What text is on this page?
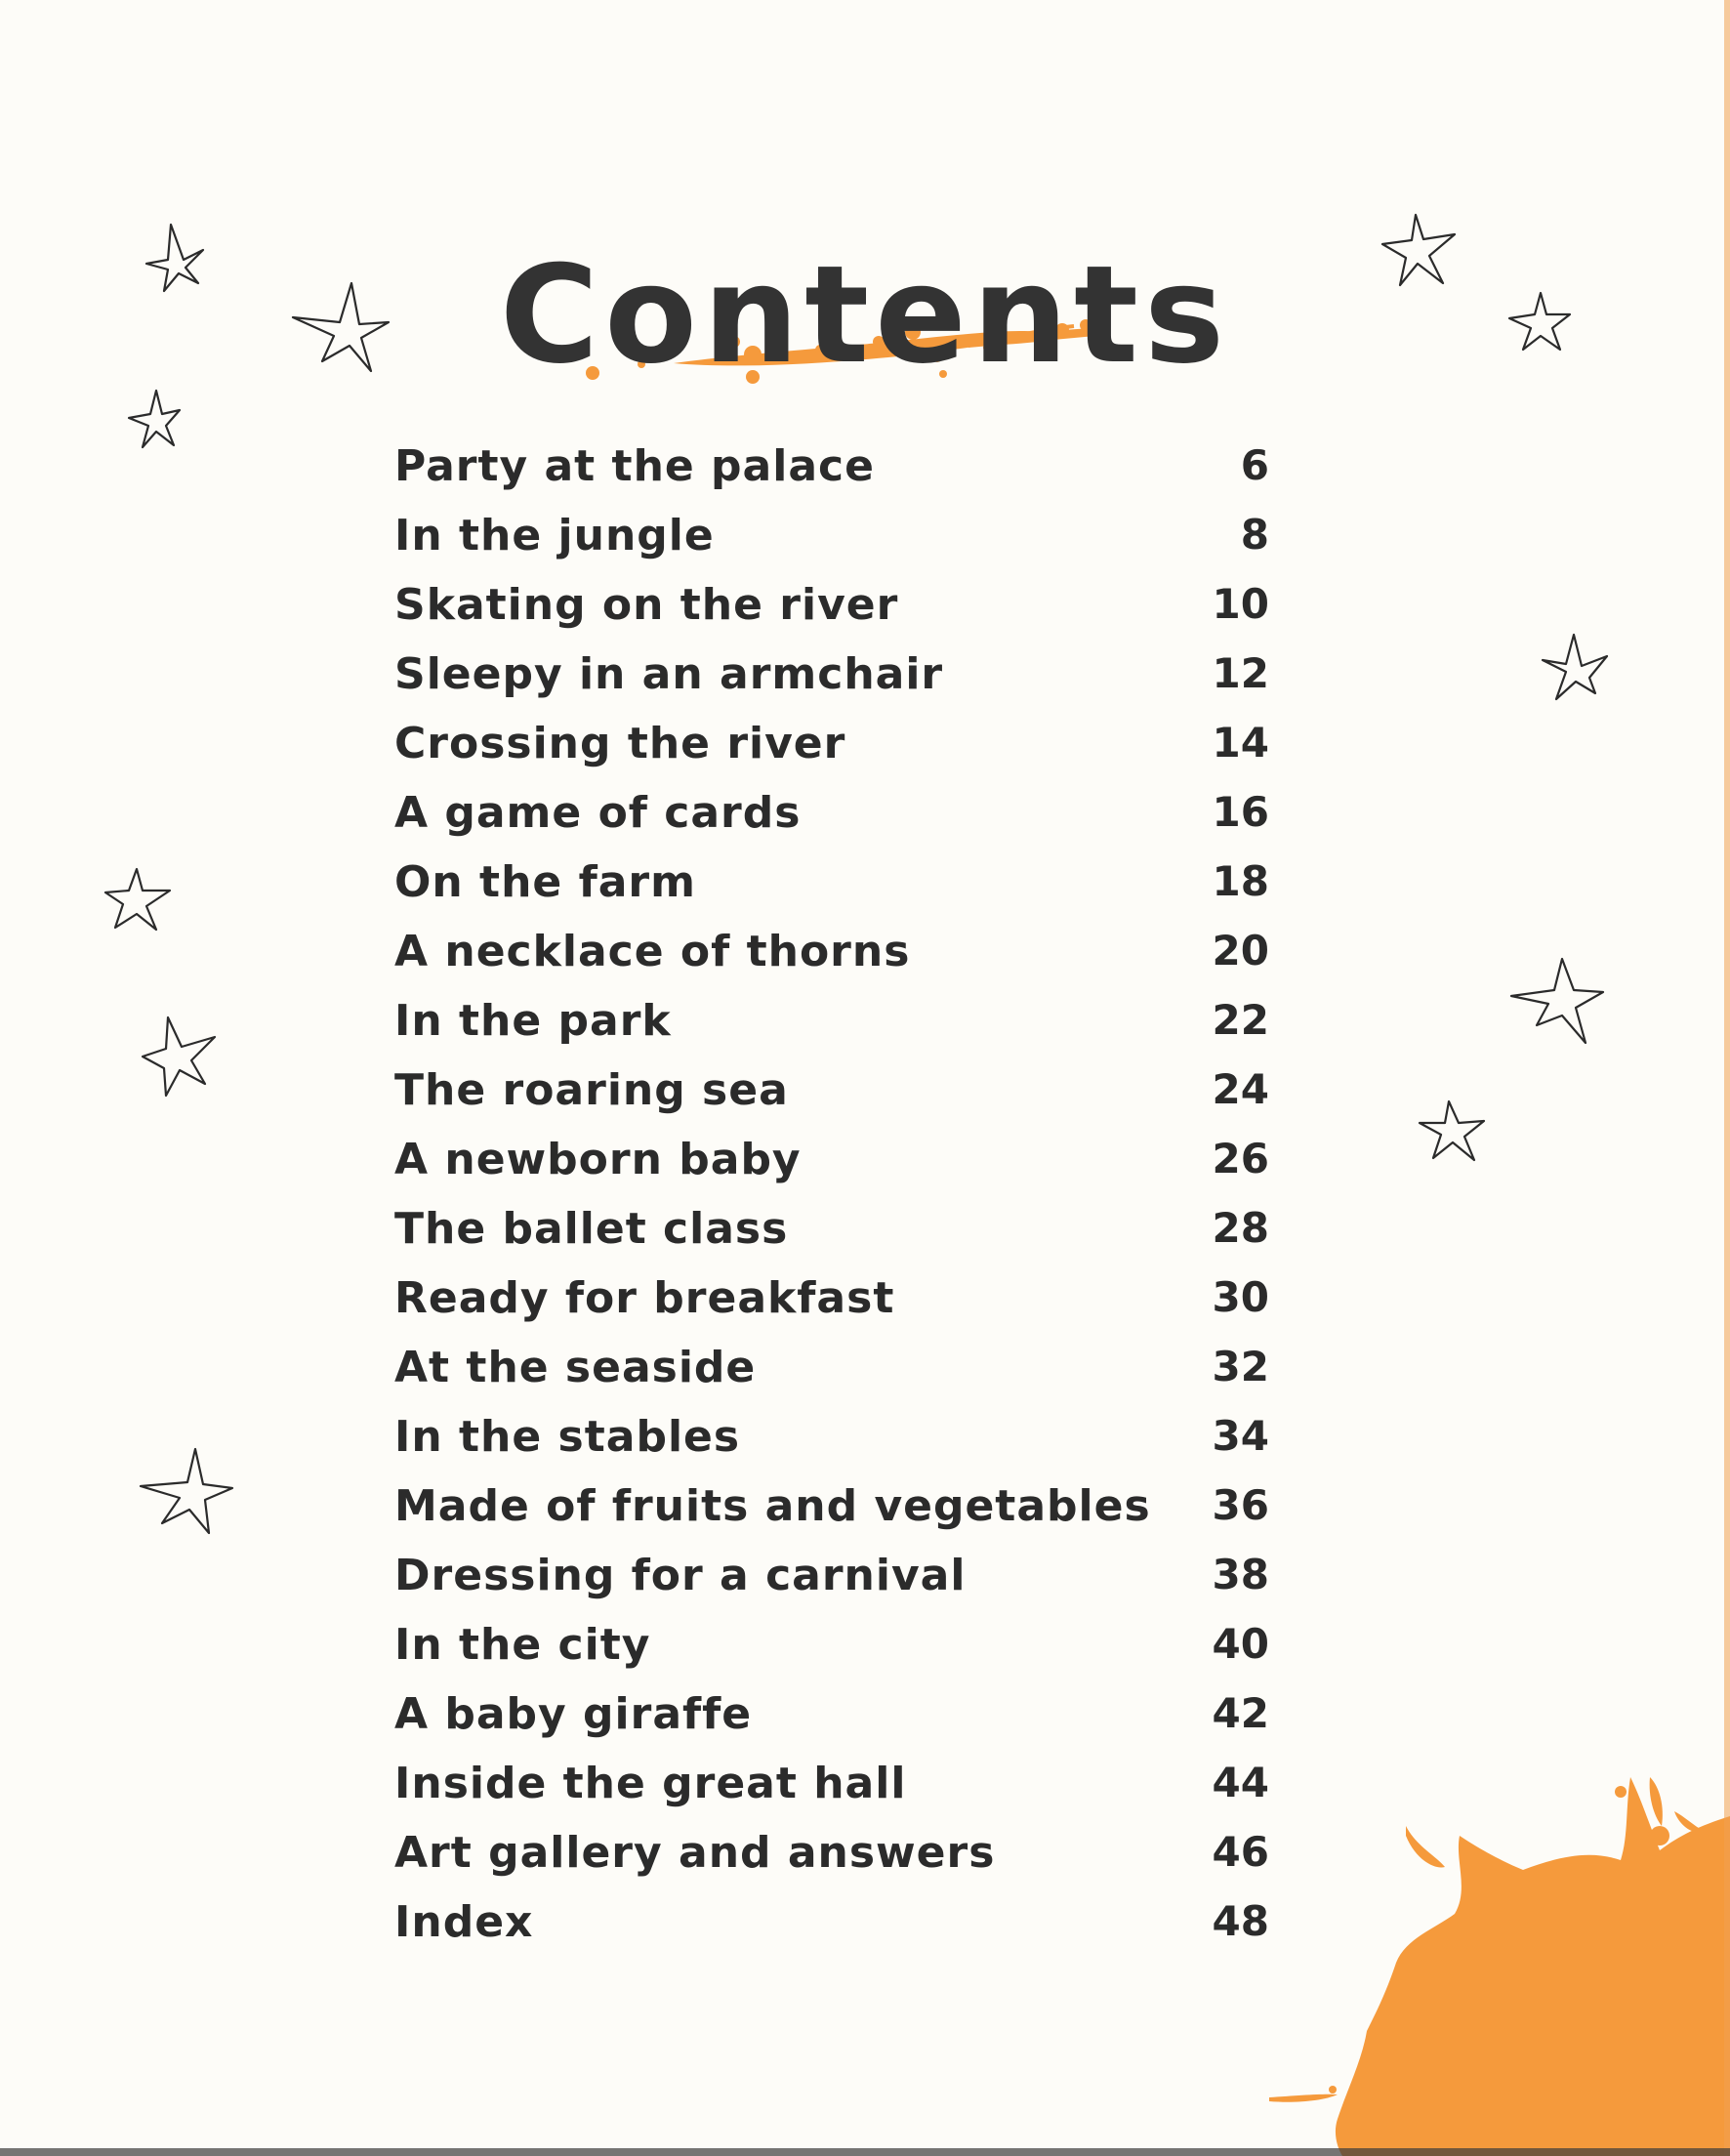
Contents
Party at the palace	6
In the jungle	8
Skating on the river	10
Sleepy in an armchair	12
Crossing the river	14
A game of cards	16
On the farm	18
A necklace of thorns	20
In the park	22
The roaring sea	24
A newborn baby	26
The ballet class	28
Ready for breakfast	30
At the seaside	32
In the stables	34
Made of fruits and vegetables 36
Dressing for a carnival	38
In the city	40
A baby giraffe	42
Inside the great hall	44
Art gallery and answers	46
Index	48
